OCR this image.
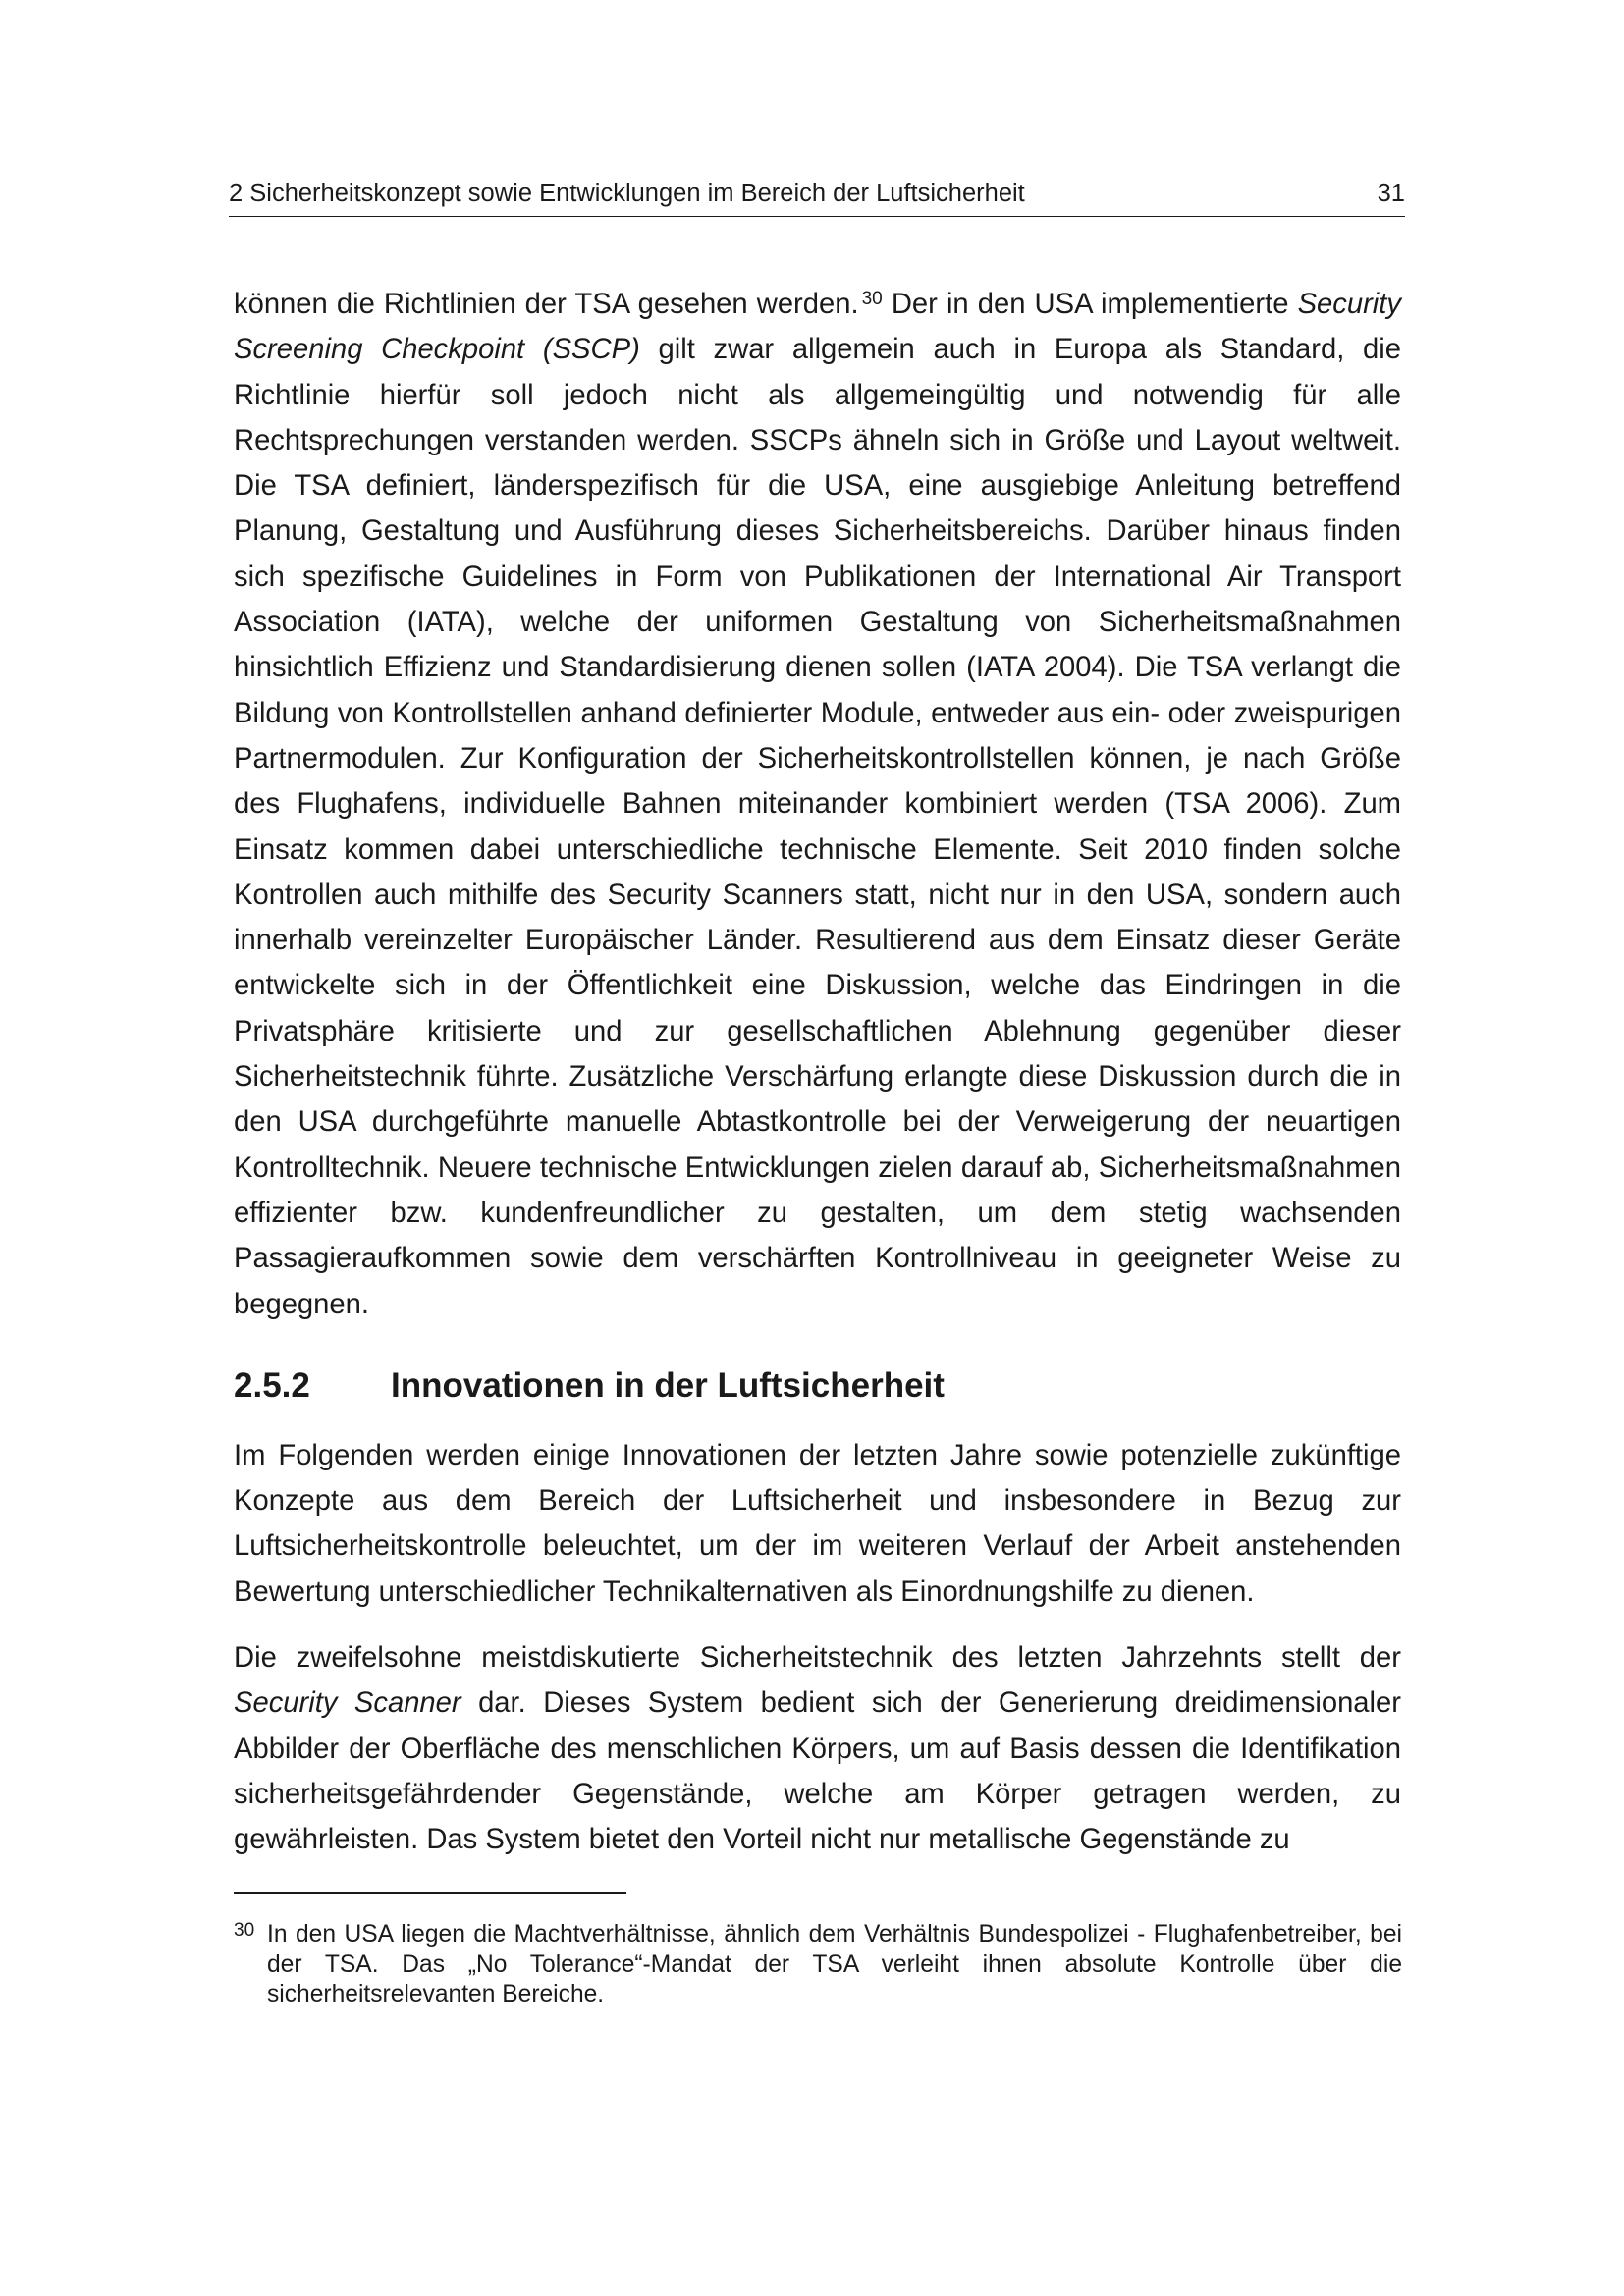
2 Sicherheitskonzept sowie Entwicklungen im Bereich der Luftsicherheit	31

können die Richtlinien der TSA gesehen werden. $^{30}$ Der in den USA implementierte Security Screening Checkpoint (SSCP) gilt zwar allgemein auch in Europa als Standard, die Richtlinie hierfür soll jedoch nicht als allgemeingültig und notwendig für alle Rechtsprechungen verstanden werden. SSCPs ähneln sich in Größe und Layout weltweit. Die TSA definiert, länderspezifisch für die USA, eine ausgiebige Anleitung betreffend Planung, Gestaltung und Ausführung dieses Sicherheitsbereichs. Darüber hinaus finden sich spezifische Guidelines in Form von Publikationen der International Air Transport Association (IATA), welche der uniformen Gestaltung von Sicherheitsmaßnahmen hinsichtlich Effizienz und Standardisierung dienen sollen (IATA 2004). Die TSA verlangt die Bildung von Kontrollstellen anhand definierter Module, entweder aus ein- oder zweispurigen Partnermodulen. Zur Konfiguration der Sicherheitskontrollstellen können, je nach Größe des Flughafens, individuelle Bahnen miteinander kombiniert werden (TSA 2006). Zum Einsatz kommen dabei unterschiedliche technische Elemente. Seit 2010 finden solche Kontrollen auch mithilfe des Security Scanners statt, nicht nur in den USA, sondern auch innerhalb vereinzelter Europäischer Länder. Resultierend aus dem Einsatz dieser Geräte entwickelte sich in der Öffentlichkeit eine Diskussion, welche das Eindringen in die Privatsphäre kritisierte und zur gesellschaftlichen Ablehnung gegenüber dieser Sicherheitstechnik führte. Zusätzliche Verschärfung erlangte diese Diskussion durch die in den USA durchgeführte manuelle Abtastkontrolle bei der Verweigerung der neuartigen Kontrolltechnik. Neuere technische Entwicklungen zielen darauf ab, Sicherheitsmaßnahmen effizienter bzw. kundenfreundlicher zu gestalten, um dem stetig wachsenden Passagieraufkommen sowie dem verschärften Kontrollniveau in geeigneter Weise zu begegnen.

2.5.2	Innovationen in der Luftsicherheit

Im Folgenden werden einige Innovationen der letzten Jahre sowie potenzielle zukünftige Konzepte aus dem Bereich der Luftsicherheit und insbesondere in Bezug zur Luftsicherheitskontrolle beleuchtet, um der im weiteren Verlauf der Arbeit anstehenden Bewertung unterschiedlicher Technikalternativen als Einordnungshilfe zu dienen.

Die zweifelsohne meistdiskutierte Sicherheitstechnik des letzten Jahrzehnts stellt der Security Scanner dar. Dieses System bedient sich der Generierung dreidimensionaler Abbilder der Oberfläche des menschlichen Körpers, um auf Basis dessen die Identifikation sicherheitsgefährdender Gegenstände, welche am Körper getragen werden, zu gewährleisten. Das System bietet den Vorteil nicht nur metallische Gegenstände zu

30 In den USA liegen die Machtverhältnisse, ähnlich dem Verhältnis Bundespolizei - Flughafenbetreiber, bei der TSA. Das „No Tolerance“-Mandat der TSA verleiht ihnen absolute Kontrolle über die sicherheitsrelevanten Bereiche.
